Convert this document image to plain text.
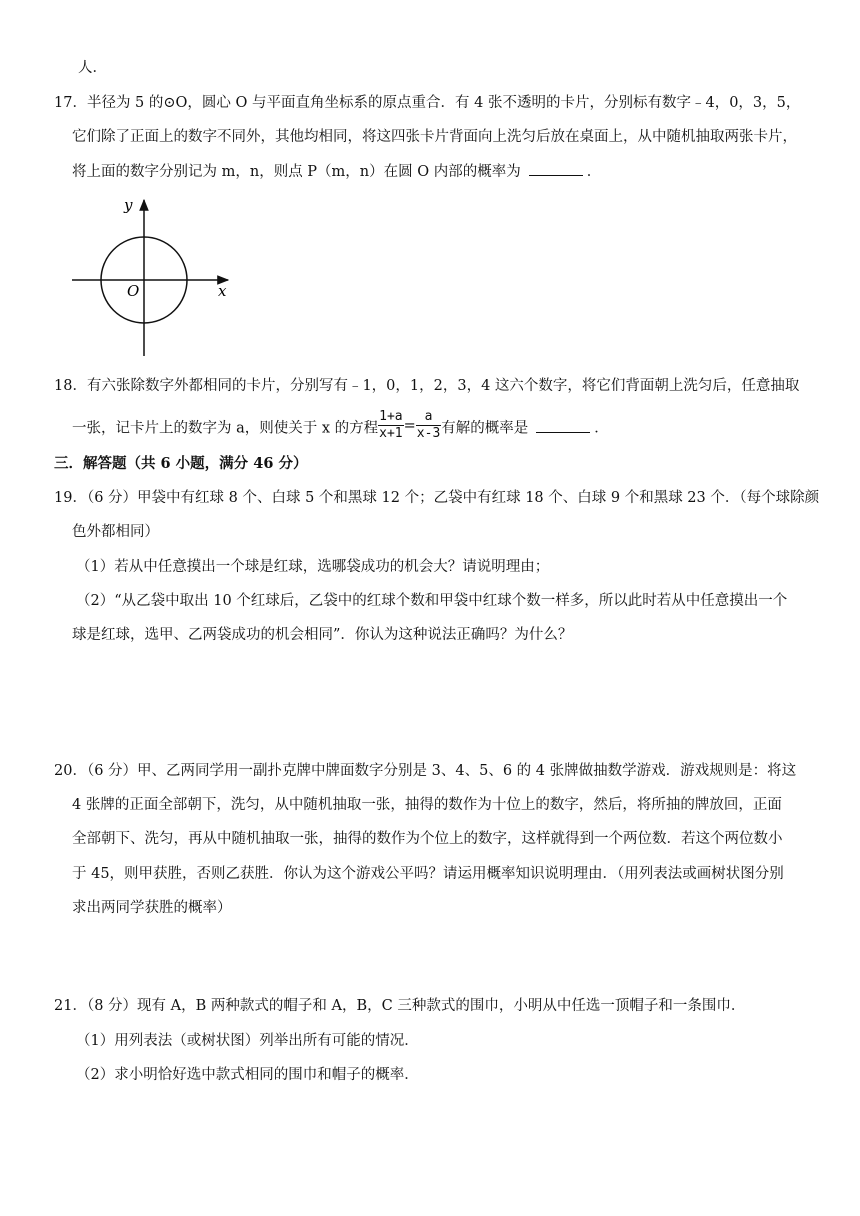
人．
17．半径为 5 的⊙O，圆心 O 与平面直角坐标系的原点重合．有 4 张不透明的卡片，分别标有数字﹣4，0，3，5，
它们除了正面上的数字不同外，其他均相同，将这四张卡片背面向上洗匀后放在桌面上，从中随机抽取两张卡片，
将上面的数字分别记为 m，n，则点 P（m，n）在圆 O 内部的概率为	．
y
x
O
18．有六张除数字外都相同的卡片，分别写有﹣1，0，1，2，3，4 这六个数字，将它们背面朝上洗匀后，任意抽取
一张，记卡片上的数字为 a，则使关于 x 的方程 $\frac{1+a}{x+1} = \frac{a}{x-3}$ 有解的概率是	．
三．解答题（共 6 小题，满分 46 分）
19．（6 分）甲袋中有红球 8 个、白球 5 个和黑球 12 个；乙袋中有红球 18 个、白球 9 个和黑球 23 个．（每个球除颜
色外都相同）
（1）若从中任意摸出一个球是红球，选哪袋成功的机会大？请说明理由；
（2）“从乙袋中取出 10 个红球后，乙袋中的红球个数和甲袋中红球个数一样多，所以此时若从中任意摸出一个
球是红球，选甲、乙两袋成功的机会相同”．你认为这种说法正确吗？为什么？
20．（6 分）甲、乙两同学用一副扑克牌中牌面数字分别是 3、4、5、6 的 4 张牌做抽数学游戏．游戏规则是：将这
4 张牌的正面全部朝下，洗匀，从中随机抽取一张，抽得的数作为十位上的数字，然后，将所抽的牌放回，正面
全部朝下、洗匀，再从中随机抽取一张，抽得的数作为个位上的数字，这样就得到一个两位数．若这个两位数小
于 45，则甲获胜，否则乙获胜．你认为这个游戏公平吗？请运用概率知识说明理由．（用列表法或画树状图分别
求出两同学获胜的概率）
21．（8 分）现有 A，B 两种款式的帽子和 A，B，C 三种款式的围巾，小明从中任选一顶帽子和一条围巾．
（1）用列表法（或树状图）列举出所有可能的情况．
（2）求小明恰好选中款式相同的围巾和帽子的概率．
